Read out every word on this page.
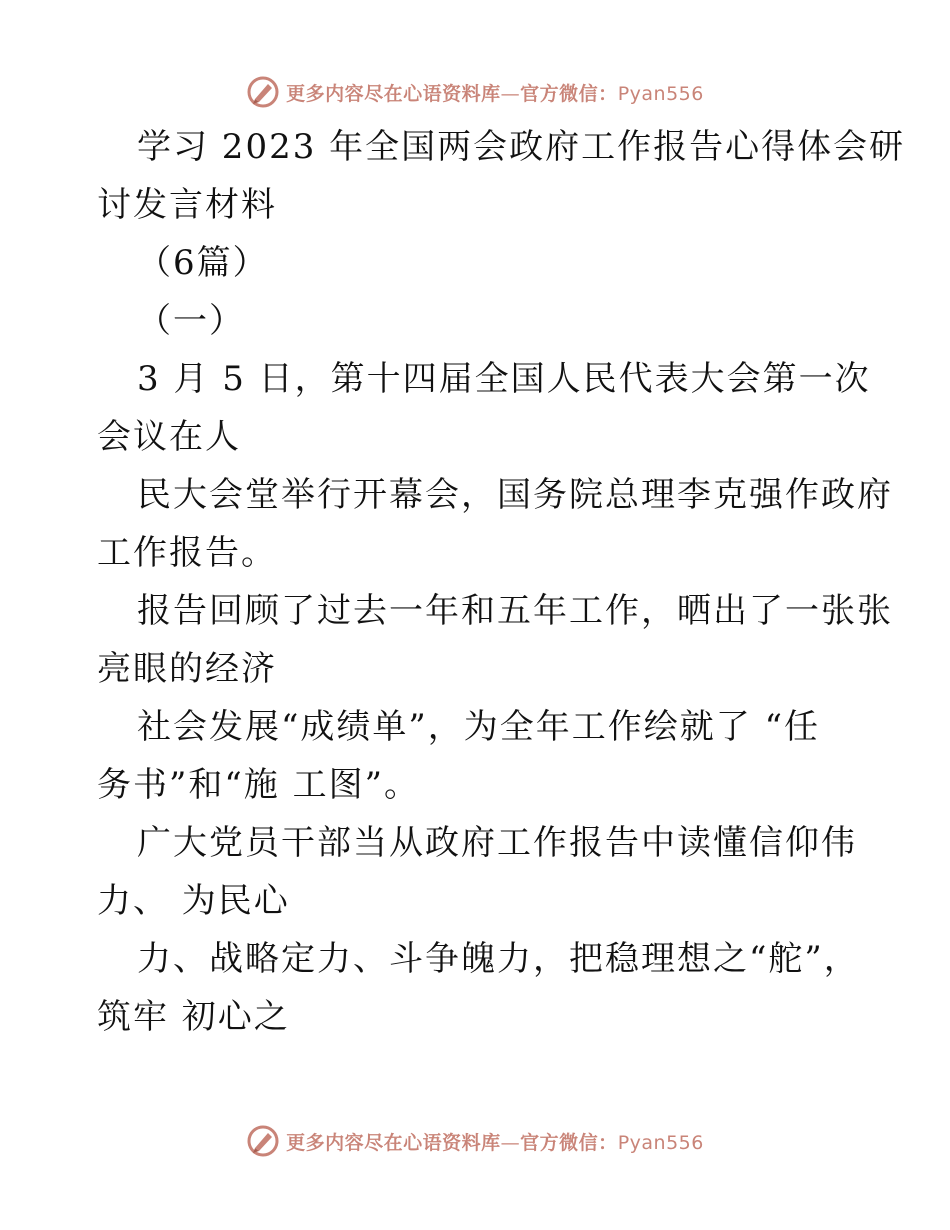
更多内容尽在心语资料库—官方微信：Pyan556
学习 2023 年全国两会政府工作报告心得体会研
讨发言材料
（6篇）
（一）
3 月 5 日，第十四届全国人民代表大会第一次
会议在人
民大会堂举行开幕会，国务院总理李克强作政府
工作报告。
报告回顾了过去一年和五年工作，晒出了一张张
亮眼的经济
社会发展“成绩单”，为全年工作绘就了 “任
务书”和“施 工图”。
广大党员干部当从政府工作报告中读懂信仰伟
力、 为民心
力、战略定力、斗争魄力，把稳理想之“舵”，
筑牢 初心之
更多内容尽在心语资料库—官方微信：Pyan556
